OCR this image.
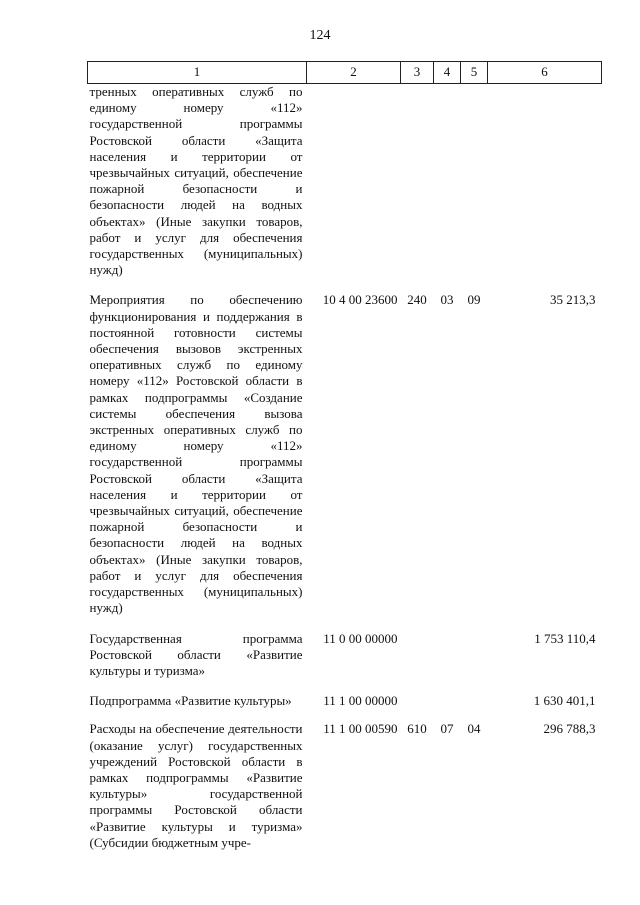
124
1	2	3	4	5	6
тренных оперативных служб по единому номеру «112» государственной программы Ростовской области «Защита населения и территории от чрезвычайных ситуаций, обеспечение пожарной безопасности и безопасности людей на водных объектах» (Иные закупки товаров, работ и услуг для обеспечения государственных (муниципальных) нужд)					
Мероприятия по обеспечению функционирования и поддержания в постоянной готовности системы обеспечения вызовов экстренных оперативных служб по единому номеру «112» Ростовской области в рамках подпрограммы «Создание системы обеспечения вызова экстренных оперативных служб по единому номеру «112» государственной программы Ростовской области «Защита населения и территории от чрезвычайных ситуаций, обеспечение пожарной безопасности и безопасности людей на водных объектах» (Иные закупки товаров, работ и услуг для обеспечения государственных (муниципальных) нужд)	10 4 00 23600	240	03	09	35 213,3
Государственная программа Ростовской области «Развитие культуры и туризма»	11 0 00 00000				1 753 110,4
Подпрограмма «Развитие культуры»	11 1 00 00000				1 630 401,1
Расходы на обеспечение деятельности (оказание услуг) государственных учреждений Ростовской области в рамках подпрограммы «Развитие культуры» государственной программы Ростовской области «Развитие культуры и туризма» (Субсидии бюджетным учре-	11 1 00 00590	610	07	04	296 788,3
